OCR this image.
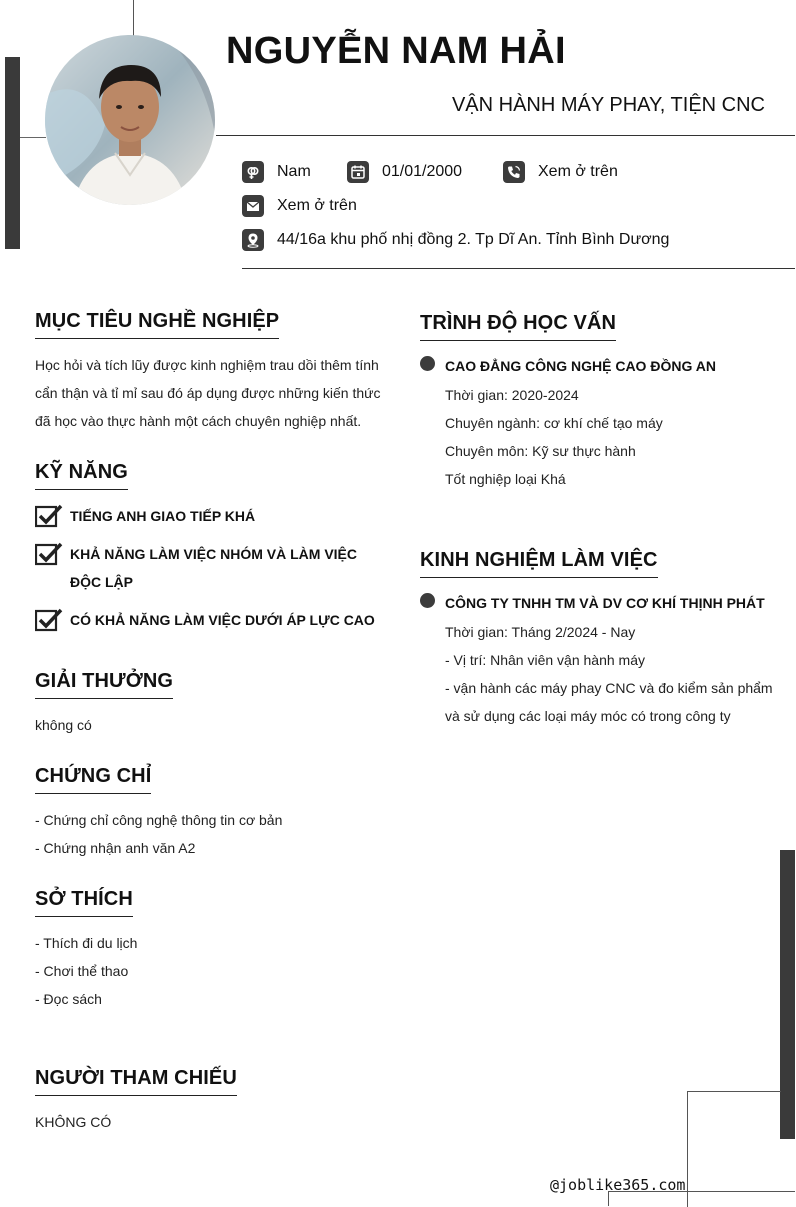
NGUYỄN NAM HẢI
VẬN HÀNH MÁY PHAY, TIỆN CNC
Nam	01/01/2000	Xem ở trên
Xem ở trên
44/16a khu phố nhị đồng 2. Tp Dĩ An. Tỉnh Bình Dương
MỤC TIÊU NGHỀ NGHIỆP
Học hỏi và tích lũy được kinh nghiệm trau dồi thêm tính
cẩn thận và tỉ mỉ sau đó áp dụng được những kiến thức
đã học vào thực hành một cách chuyên nghiệp nhất.
KỸ NĂNG
TIẾNG ANH GIAO TIẾP KHÁ
KHẢ NĂNG LÀM VIỆC NHÓM VÀ LÀM VIỆC ĐỘC LẬP
CÓ KHẢ NĂNG LÀM VIỆC DƯỚI ÁP LỰC CAO
GIẢI THƯỞNG
không có
CHỨNG CHỈ
- Chứng chỉ công nghệ thông tin cơ bản
- Chứng nhận anh văn A2
SỞ THÍCH
- Thích đi du lịch
- Chơi thể thao
- Đọc sách
NGƯỜI THAM CHIẾU
KHÔNG CÓ
TRÌNH ĐỘ HỌC VẤN
CAO ĐẲNG CÔNG NGHỆ CAO ĐỒNG AN
Thời gian: 2020-2024
Chuyên ngành: cơ khí chế tạo máy
Chuyên môn: Kỹ sư thực hành
Tốt nghiệp loại Khá
KINH NGHIỆM LÀM VIỆC
CÔNG TY TNHH TM VÀ DV CƠ KHÍ THỊNH PHÁT
Thời gian: Tháng 2/2024 - Nay
- Vị trí: Nhân viên vận hành máy
- vận hành các máy phay CNC và đo kiểm sản phẩm
và sử dụng các loại máy móc có trong công ty
@joblike365.com
